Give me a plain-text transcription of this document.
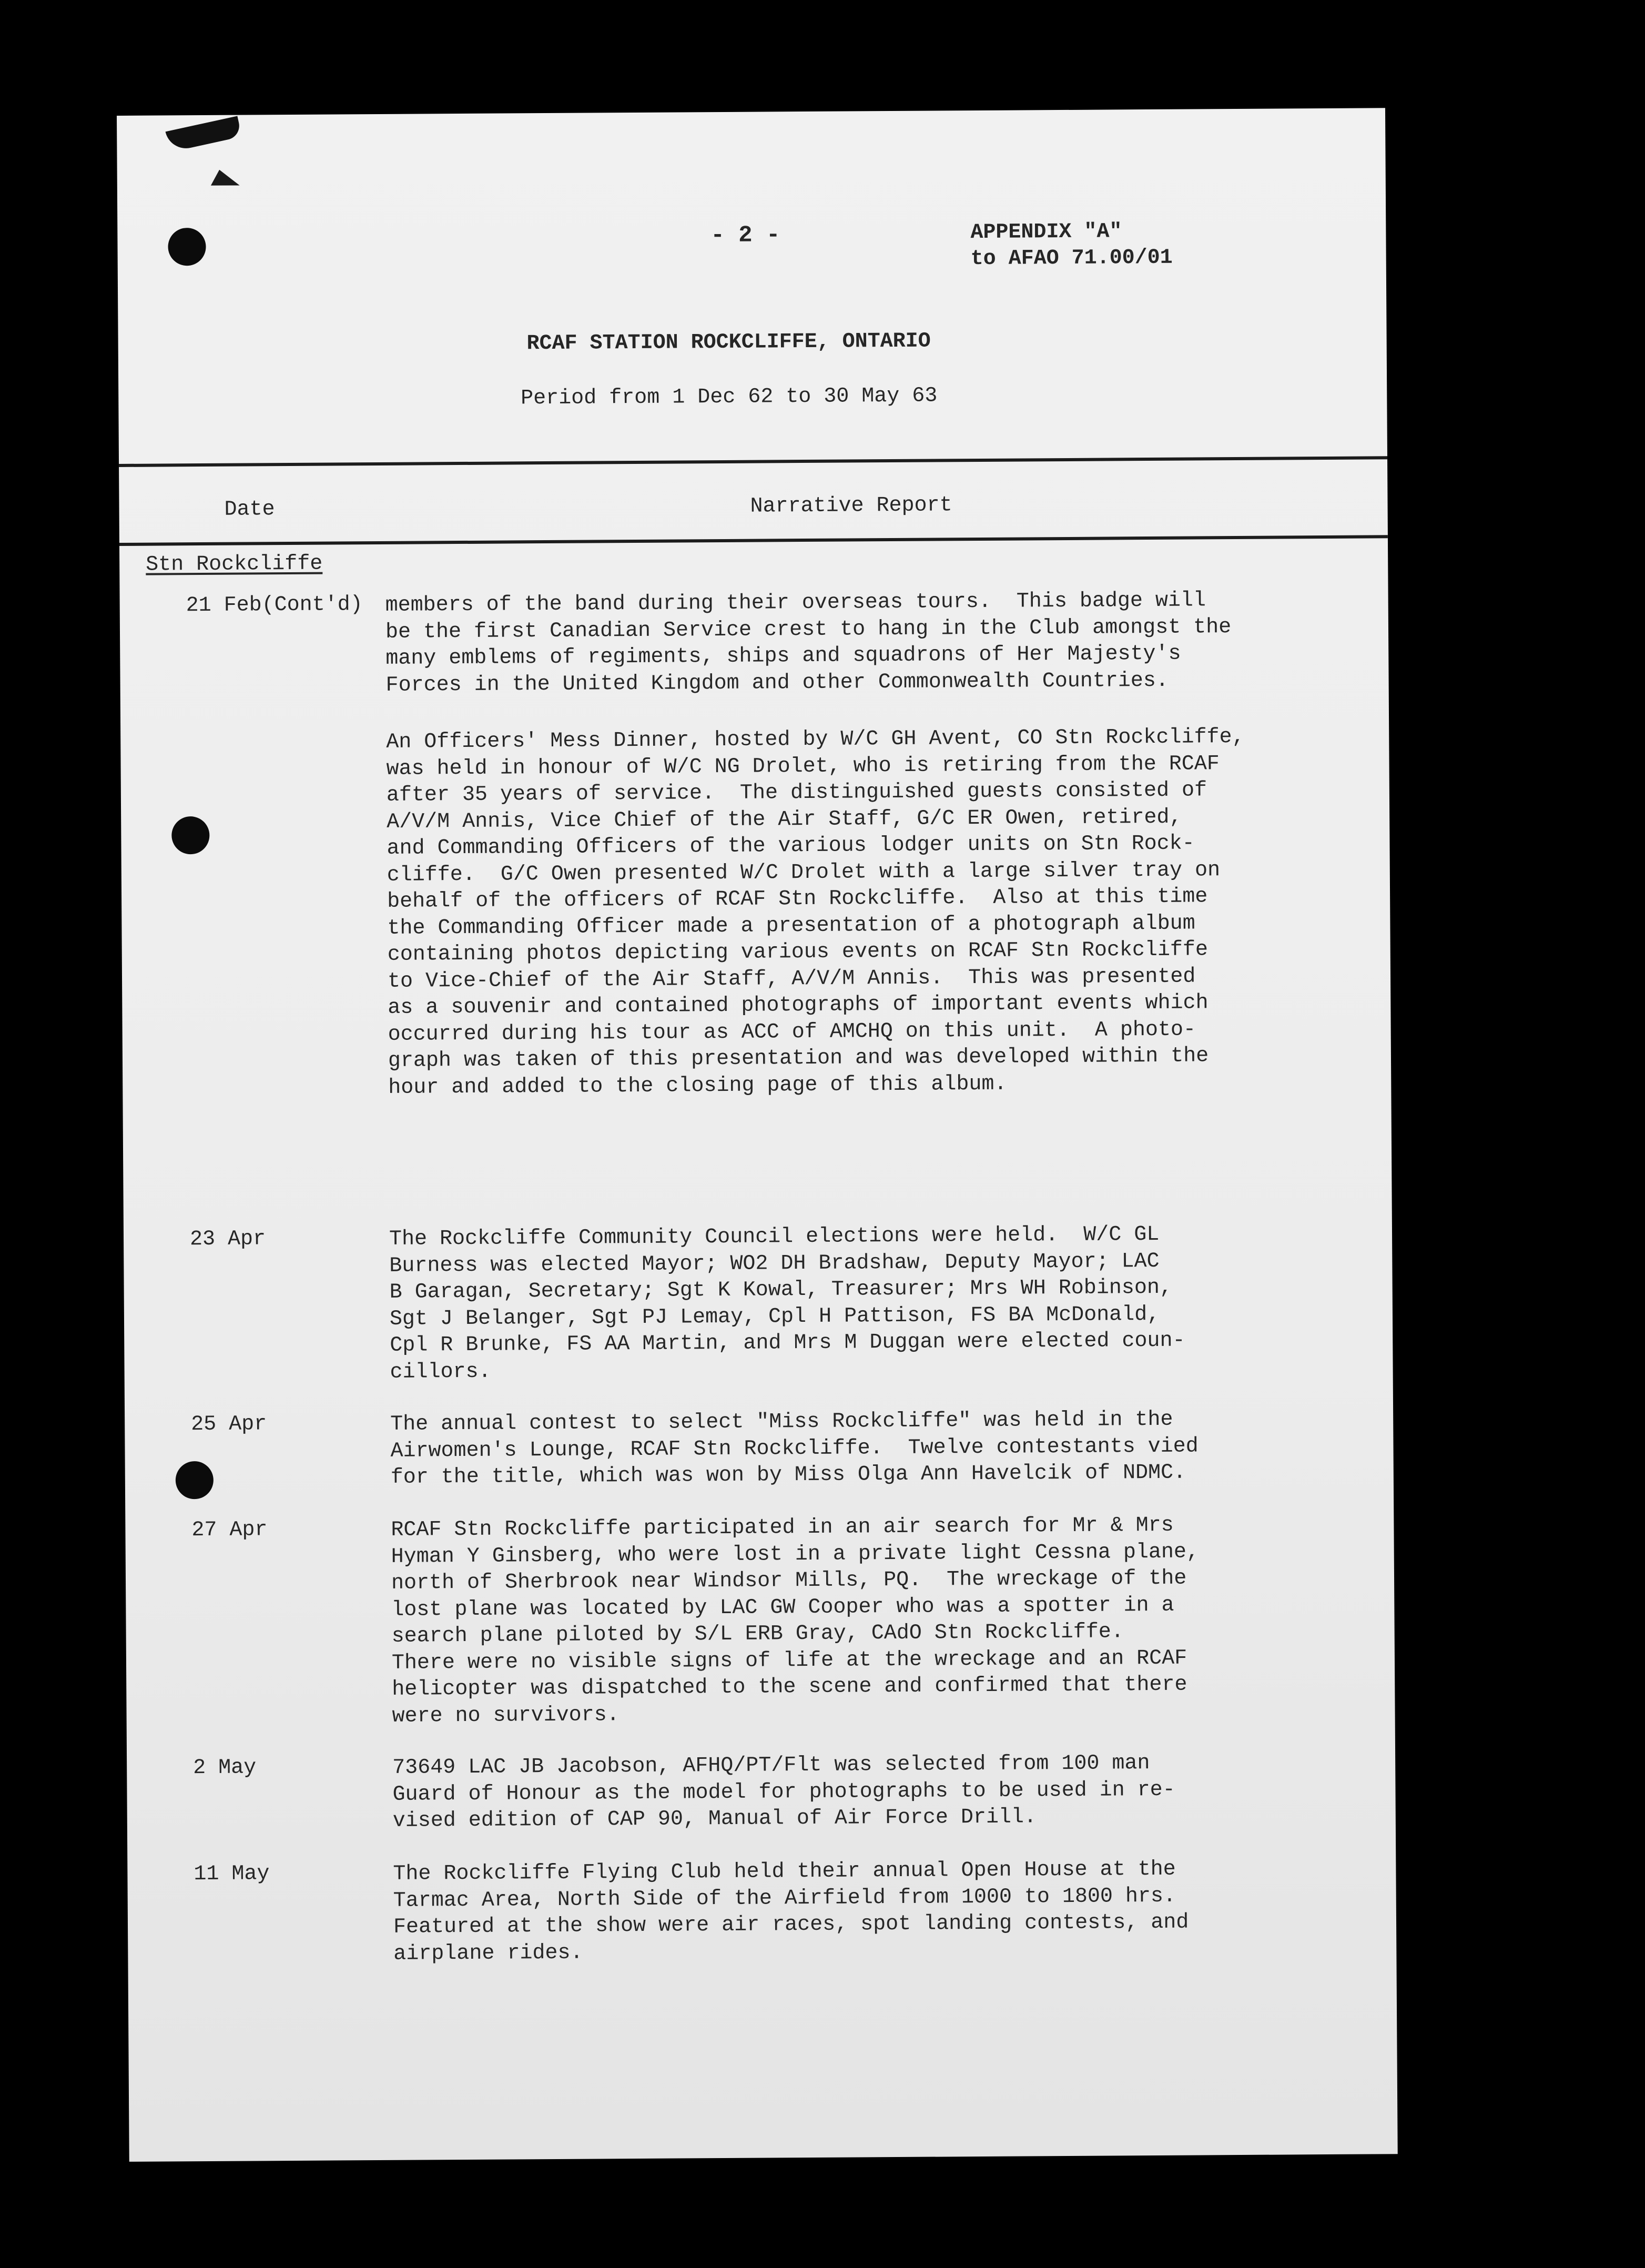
- 2 -	APPENDIX "A"
to AFAO 71.00/01
RCAF STATION ROCKCLIFFE, ONTARIO
Period from 1 Dec 62 to 30 May 63
Date	Narrative Report
Stn Rockcliffe
21 Feb(Cont'd) members of the band during their overseas tours.  This badge will
be the first Canadian Service crest to hang in the Club amongst the
many emblems of regiments, ships and squadrons of Her Majesty's
Forces in the United Kingdom and other Commonwealth Countries.
An Officers' Mess Dinner, hosted by W/C GH Avent, CO Stn Rockcliffe,
was held in honour of W/C NG Drolet, who is retiring from the RCAF
after 35 years of service.  The distinguished guests consisted of
A/V/M Annis, Vice Chief of the Air Staff, G/C ER Owen, retired,
and Commanding Officers of the various lodger units on Stn Rock-
cliffe.  G/C Owen presented W/C Drolet with a large silver tray on
behalf of the officers of RCAF Stn Rockcliffe.  Also at this time
the Commanding Officer made a presentation of a photograph album
containing photos depicting various events on RCAF Stn Rockcliffe
to Vice-Chief of the Air Staff, A/V/M Annis.  This was presented
as a souvenir and contained photographs of important events which
occurred during his tour as ACC of AMCHQ on this unit.  A photo-
graph was taken of this presentation and was developed within the
hour and added to the closing page of this album.
23 Apr	The Rockcliffe Community Council elections were held.  W/C GL
Burness was elected Mayor; WO2 DH Bradshaw, Deputy Mayor; LAC
B Garagan, Secretary; Sgt K Kowal, Treasurer; Mrs WH Robinson,
Sgt J Belanger, Sgt PJ Lemay, Cpl H Pattison, FS BA McDonald,
Cpl R Brunke, FS AA Martin, and Mrs M Duggan were elected coun-
cillors.
25 Apr	The annual contest to select "Miss Rockcliffe" was held in the
Airwomen's Lounge, RCAF Stn Rockcliffe.  Twelve contestants vied
for the title, which was won by Miss Olga Ann Havelcik of NDMC.
27 Apr	RCAF Stn Rockcliffe participated in an air search for Mr & Mrs
Hyman Y Ginsberg, who were lost in a private light Cessna plane,
north of Sherbrook near Windsor Mills, PQ.  The wreckage of the
lost plane was located by LAC GW Cooper who was a spotter in a
search plane piloted by S/L ERB Gray, CAdO Stn Rockcliffe.
There were no visible signs of life at the wreckage and an RCAF
helicopter was dispatched to the scene and confirmed that there
were no survivors.
2 May	73649 LAC JB Jacobson, AFHQ/PT/Flt was selected from 100 man
Guard of Honour as the model for photographs to be used in re-
vised edition of CAP 90, Manual of Air Force Drill.
11 May	The Rockcliffe Flying Club held their annual Open House at the
Tarmac Area, North Side of the Airfield from 1000 to 1800 hrs.
Featured at the show were air races, spot landing contests, and
airplane rides.
